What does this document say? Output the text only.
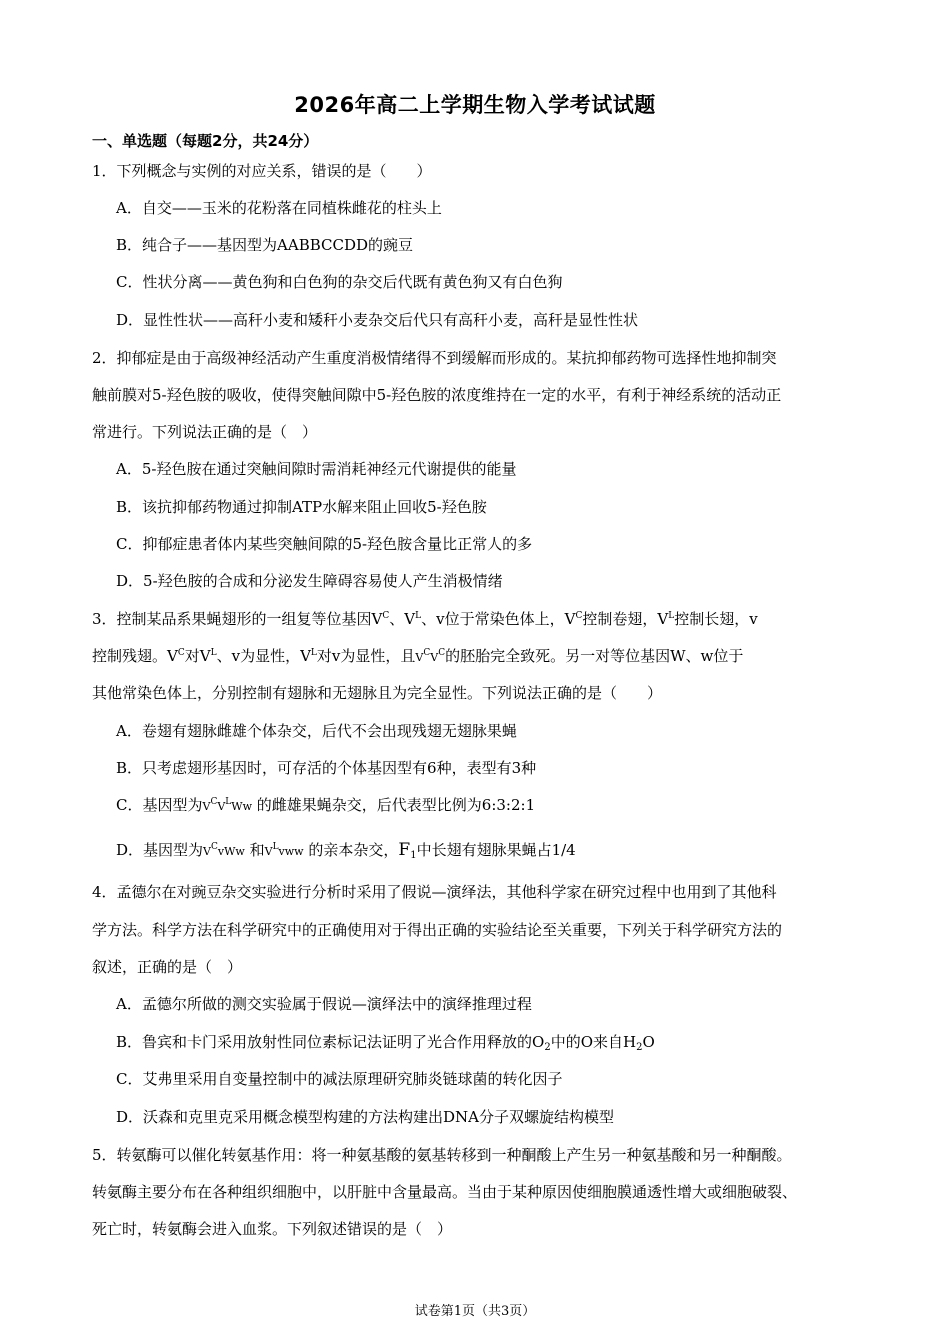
2026年高二上学期生物入学考试试题
一、单选题（每题2分，共24分）
1．下列概念与实例的对应关系，错误的是（　　）
A．自交——玉米的花粉落在同植株雌花的柱头上
B．纯合子——基因型为AABBCCDD的豌豆
C．性状分离——黄色狗和白色狗的杂交后代既有黄色狗又有白色狗
D．显性性状——高秆小麦和矮秆小麦杂交后代只有高秆小麦，高秆是显性性状
2．抑郁症是由于高级神经活动产生重度消极情绪得不到缓解而形成的。某抗抑郁药物可选择性地抑制突
触前膜对5-羟色胺的吸收，使得突触间隙中5-羟色胺的浓度维持在一定的水平，有利于神经系统的活动正
常进行。下列说法正确的是（　）
A．5-羟色胺在通过突触间隙时需消耗神经元代谢提供的能量
B．该抗抑郁药物通过抑制ATP水解来阻止回收5-羟色胺
C．抑郁症患者体内某些突触间隙的5-羟色胺含量比正常人的多
D．5-羟色胺的合成和分泌发生障碍容易使人产生消极情绪
3．控制某品系果蝇翅形的一组复等位基因$V^C$、$V^L$、v位于常染色体上，$V^C$控制卷翅，$V^L$控制长翅，v
控制残翅。$V^C$对$V^L$、v为显性，$V^L$对v为显性，且$V^CV^C$的胚胎完全致死。另一对等位基因W、w位于
其他常染色体上，分别控制有翅脉和无翅脉且为完全显性。下列说法正确的是（　　）
A．卷翅有翅脉雌雄个体杂交，后代不会出现残翅无翅脉果蝇
B．只考虑翅形基因时，可存活的个体基因型有6种，表型有3种
C．基因型为$V^CV^LWw$ 的雌雄果蝇杂交，后代表型比例为6:3:2:1
D．基因型为$V^CvWw$ 和$V^Lvww$ 的亲本杂交，$F_1$中长翅有翅脉果蝇占1/4
4．孟德尔在对豌豆杂交实验进行分析时采用了假说—演绎法，其他科学家在研究过程中也用到了其他科
学方法。科学方法在科学研究中的正确使用对于得出正确的实验结论至关重要，下列关于科学研究方法的
叙述，正确的是（　）
A．孟德尔所做的测交实验属于假说—演绎法中的演绎推理过程
B．鲁宾和卡门采用放射性同位素标记法证明了光合作用释放的$O_2$中的O来自$H_2O$
C．艾弗里采用自变量控制中的减法原理研究肺炎链球菌的转化因子
D．沃森和克里克采用概念模型构建的方法构建出DNA分子双螺旋结构模型
5．转氨酶可以催化转氨基作用：将一种氨基酸的氨基转移到一种酮酸上产生另一种氨基酸和另一种酮酸。
转氨酶主要分布在各种组织细胞中，以肝脏中含量最高。当由于某种原因使细胞膜通透性增大或细胞破裂、
死亡时，转氨酶会进入血浆。下列叙述错误的是（　）
试卷第1页（共3页）
